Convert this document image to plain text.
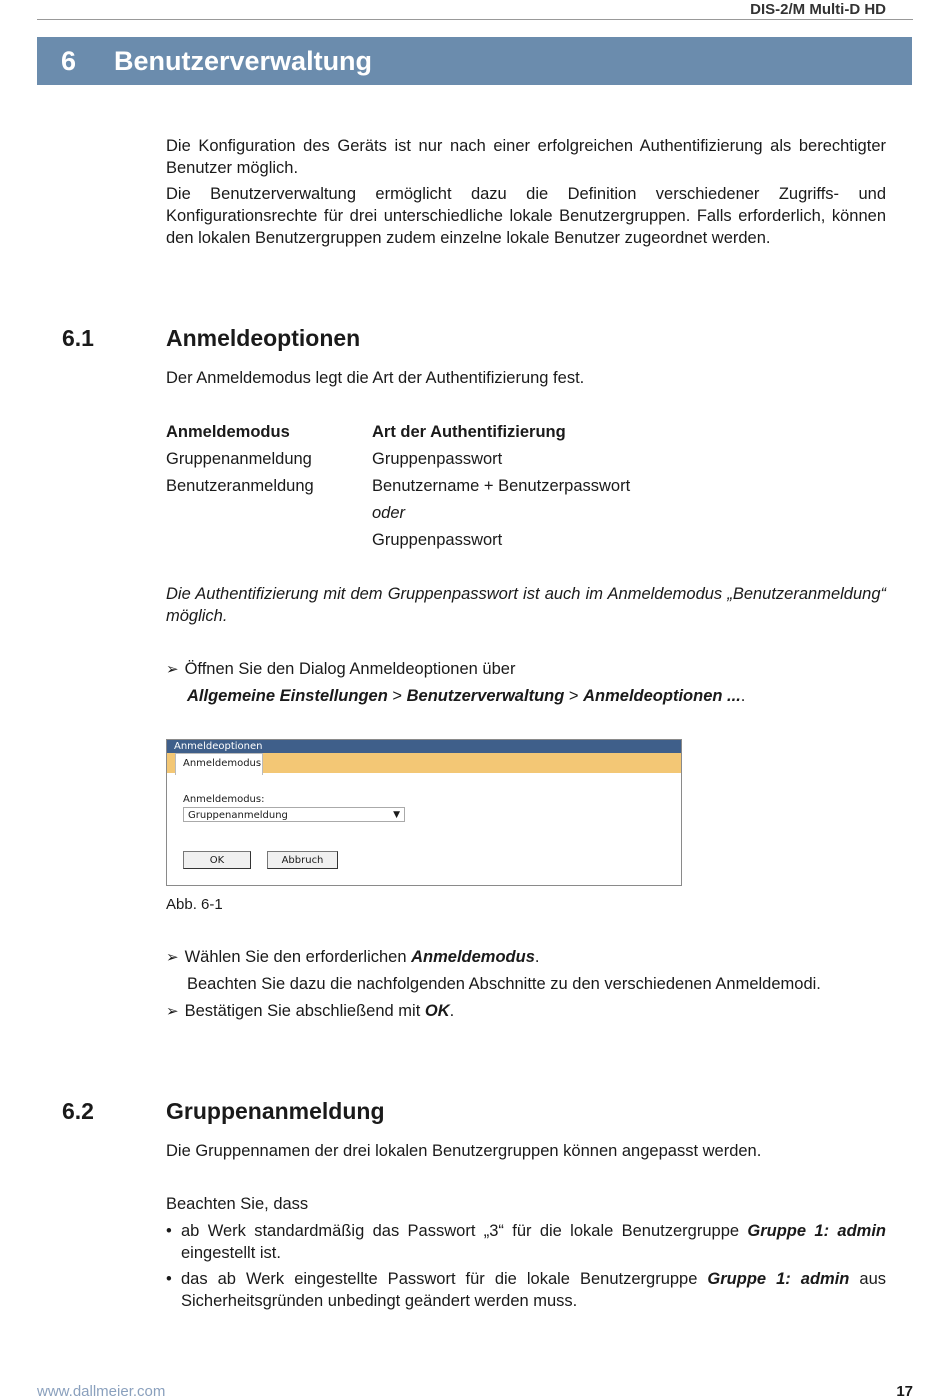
DIS-2/M Multi-D HD
6 Benutzerverwaltung

Die Konfiguration des Geräts ist nur nach einer erfolgreichen Authentifizierung als berechtigter Benutzer möglich.

Die Benutzerverwaltung ermöglicht dazu die Definition verschiedener Zugriffs- und Konfigurationsrechte für drei unterschiedliche lokale Benutzergruppen. Falls erforderlich, können den lokalen Benutzergruppen zudem einzelne lokale Benutzer zugeordnet werden.

6.1	Anmeldeoptionen
Der Anmeldemodus legt die Art der Authentifizierung fest.
Anmeldemodus	Art der Authentifizierung
Gruppenanmeldung	Gruppenpasswort
Benutzeranmeldung	Benutzername + Benutzerpasswort
oder
Gruppenpasswort
Die Authentifizierung mit dem Gruppenpasswort ist auch im Anmeldemodus „Benutzeranmeldung“ möglich.
➢ Öffnen Sie den Dialog Anmeldeoptionen über
Allgemeine Einstellungen > Benutzerverwaltung > Anmeldeoptionen ....
Anmeldeoptionen
Anmeldemodus
Anmeldemodus:
Gruppenanmeldung	▼
OK	Abbruch
Abb. 6-1
➢ Wählen Sie den erforderlichen Anmeldemodus.
Beachten Sie dazu die nachfolgenden Abschnitte zu den verschiedenen Anmeldemodi.
➢ Bestätigen Sie abschließend mit OK.
6.2	Gruppenanmeldung
Die Gruppennamen der drei lokalen Benutzergruppen können angepasst werden.
Beachten Sie, dass
• ab Werk standardmäßig das Passwort „3“ für die lokale Benutzergruppe Gruppe 1: admin eingestellt ist.
• das ab Werk eingestellte Passwort für die lokale Benutzergruppe Gruppe 1: admin aus Sicherheitsgründen unbedingt geändert werden muss.
www.dallmeier.com	17
